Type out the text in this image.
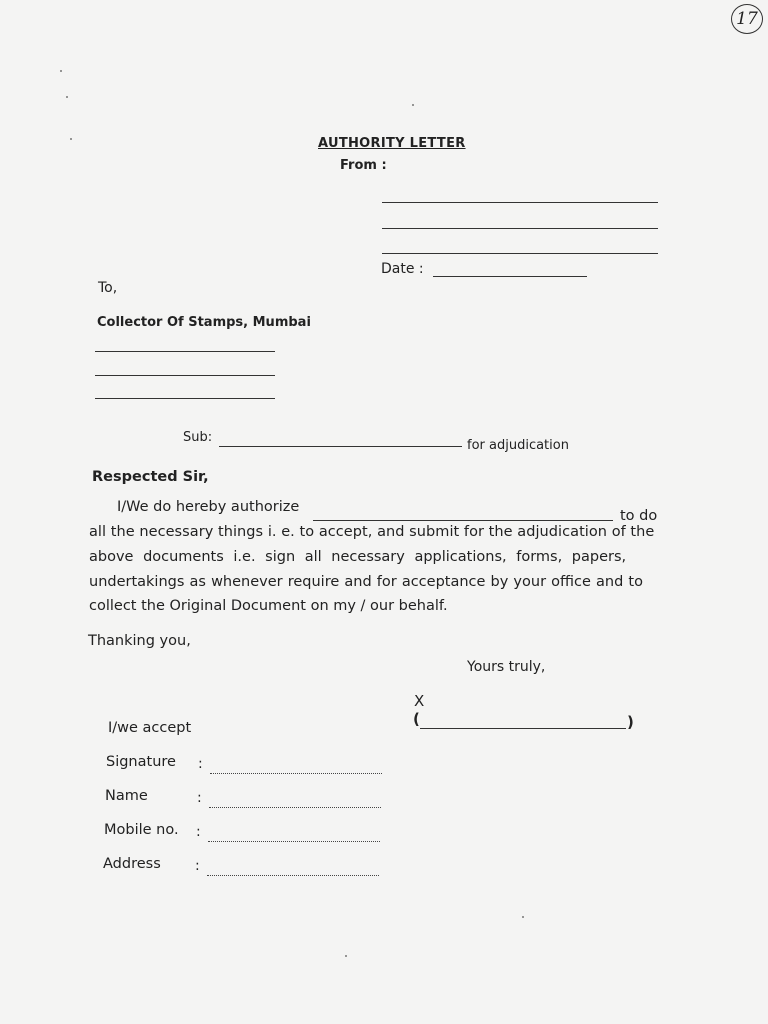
17
AUTHORITY LETTER
From :
Date :
To,
Collector Of Stamps, Mumbai
Sub:
for adjudication
Respected Sir,
I/We do hereby authorize
to do
all the necessary things i. e. to accept, and submit for the adjudication of the
above documents i.e. sign all necessary applications, forms, papers,
undertakings as whenever require and for acceptance by your office and to
collect the Original Document on my / our behalf.
Thanking you,
Yours truly,
X
(	)
I/we accept
Signature :
Name	:
Mobile no. :
Address :
